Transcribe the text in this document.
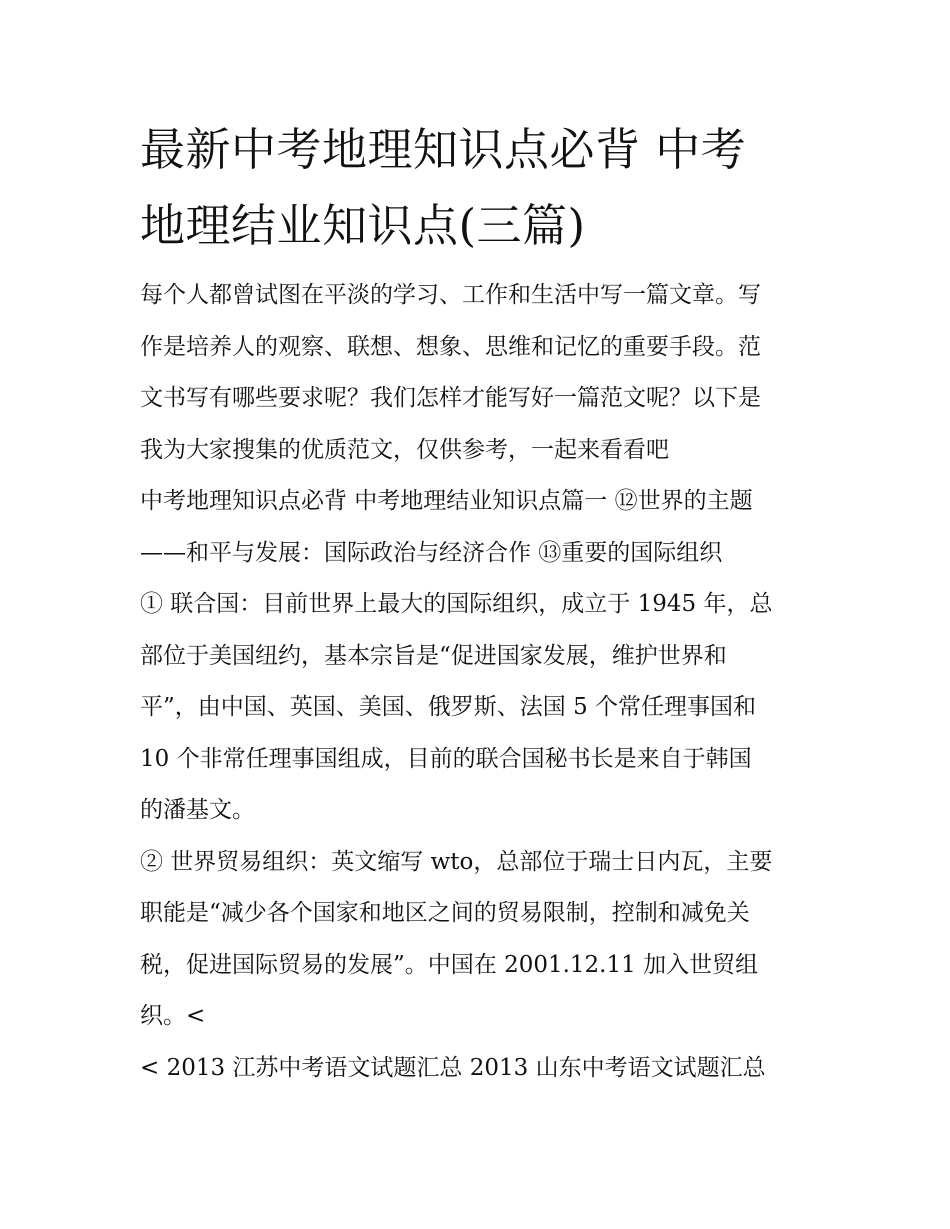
最新中考地理知识点必背 中考
地理结业知识点(三篇)

每个人都曾试图在平淡的学习、工作和生活中写一篇文章。写
作是培养人的观察、联想、想象、思维和记忆的重要手段。范
文书写有哪些要求呢？我们怎样才能写好一篇范文呢？以下是
我为大家搜集的优质范文，仅供参考，一起来看看吧

中考地理知识点必背 中考地理结业知识点篇一 ⑫世界的主题
——和平与发展：国际政治与经济合作 ⑬重要的国际组织

① 联合国：目前世界上最大的国际组织，成立于 1945 年，总
部位于美国纽约，基本宗旨是“促进国家发展，维护世界和
平”，由中国、英国、美国、俄罗斯、法国 5 个常任理事国和
10 个非常任理事国组成，目前的联合国秘书长是来自于韩国
的潘基文。

② 世界贸易组织：英文缩写 wto，总部位于瑞士日内瓦，主要
职能是“减少各个国家和地区之间的贸易限制，控制和减免关
税，促进国际贸易的发展”。中国在 2001.12.11 加入世贸组
织。<

< 2013 江苏中考语文试题汇总 2013 山东中考语文试题汇总
